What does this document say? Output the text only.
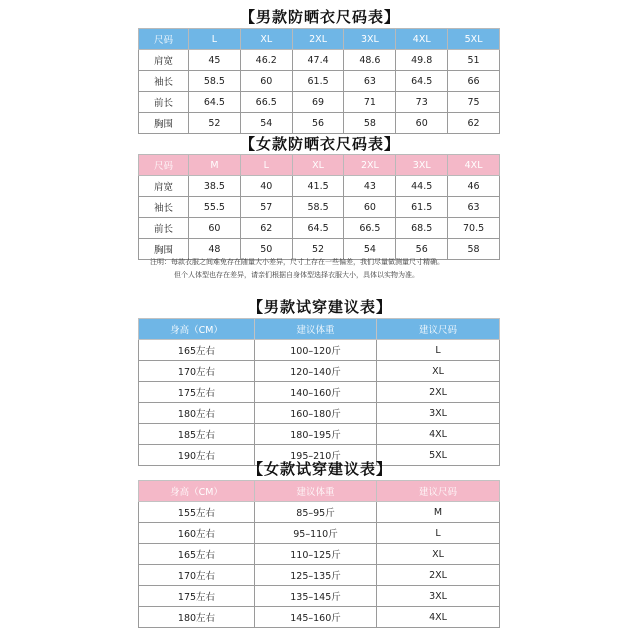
【男款防晒衣尺码表】
尺码	L	XL	2XL	3XL	4XL	5XL
肩宽	45	46.2	47.4	48.6	49.8	51
袖长	58.5	60	61.5	63	64.5	66
前长	64.5	66.5	69	71	73	75
胸围	52	54	56	58	60	62
【女款防晒衣尺码表】
尺码	M	L	XL	2XL	3XL	4XL
肩宽	38.5	40	41.5	43	44.5	46
袖长	55.5	57	58.5	60	61.5	63
前长	60	62	64.5	66.5	68.5	70.5
胸围	48	50	52	54	56	58
注明：每款衣服之间难免存在随量大小差异，尺寸上存在一些偏差，我们尽量做测量尺寸精确。
但个人体型也存在差异，请亲们根据自身体型选择衣服大小，具体以实物为准。
【男款试穿建议表】
身高（CM）	建议体重	建议尺码
165左右	100–120斤	L
170左右	120–140斤	XL
175左右	140–160斤	2XL
180左右	160–180斤	3XL
185左右	180–195斤	4XL
190左右	195–210斤	5XL
【女款试穿建议表】
身高（CM）	建议体重	建议尺码
155左右	85–95斤	M
160左右	95–110斤	L
165左右	110–125斤	XL
170左右	125–135斤	2XL
175左右	135–145斤	3XL
180左右	145–160斤	4XL
